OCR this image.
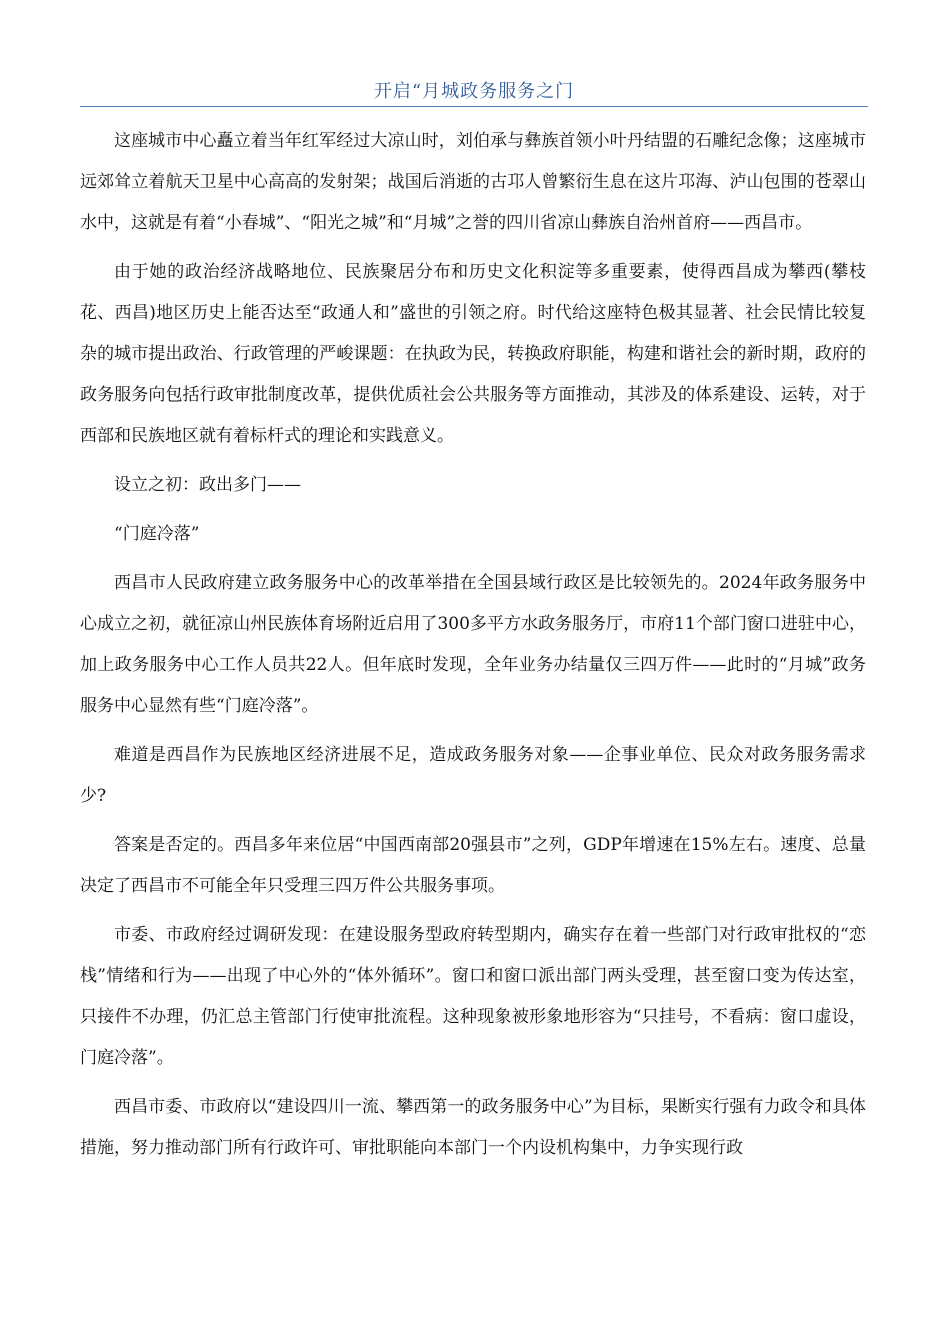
开启“月城政务服务之门

这座城市中心矗立着当年红军经过大凉山时，刘伯承与彝族首领小叶丹结盟的石雕纪念像；这座城市远郊耸立着航天卫星中心高高的发射架；战国后消逝的古邛人曾繁衍生息在这片邛海、泸山包围的苍翠山水中，这就是有着“小春城”、“阳光之城”和“月城”之誉的四川省凉山彝族自治州首府——西昌市。

由于她的政治经济战略地位、民族聚居分布和历史文化积淀等多重要素，使得西昌成为攀西(攀枝花、西昌)地区历史上能否达至“政通人和”盛世的引领之府。时代给这座特色极其显著、社会民情比较复杂的城市提出政治、行政管理的严峻课题：在执政为民，转换政府职能，构建和谐社会的新时期，政府的政务服务向包括行政审批制度改革，提供优质社会公共服务等方面推动，其涉及的体系建设、运转，对于西部和民族地区就有着标杆式的理论和实践意义。

设立之初：政出多门——

“门庭冷落”

西昌市人民政府建立政务服务中心的改革举措在全国县域行政区是比较领先的。2024年政务服务中心成立之初，就征凉山州民族体育场附近启用了300多平方水政务服务厅，市府11个部门窗口进驻中心，加上政务服务中心工作人员共22人。但年底时发现，全年业务办结量仅三四万件——此时的“月城”政务服务中心显然有些“门庭冷落”。

难道是西昌作为民族地区经济进展不足，造成政务服务对象——企事业单位、民众对政务服务需求少?

答案是否定的。西昌多年来位居“中国西南部20强县市”之列，GDP年增速在15%左右。速度、总量决定了西昌市不可能全年只受理三四万件公共服务事项。

市委、市政府经过调研发现：在建设服务型政府转型期内，确实存在着一些部门对行政审批权的“恋栈”情绪和行为——出现了中心外的“体外循环”。窗口和窗口派出部门两头受理，甚至窗口变为传达室，只接件不办理，仍汇总主管部门行使审批流程。这种现象被形象地形容为“只挂号，不看病：窗口虚设，门庭冷落”。

西昌市委、市政府以“建设四川一流、攀西第一的政务服务中心”为目标，果断实行强有力政令和具体措施，努力推动部门所有行政许可、审批职能向本部门一个内设机构集中，力争实现行政
